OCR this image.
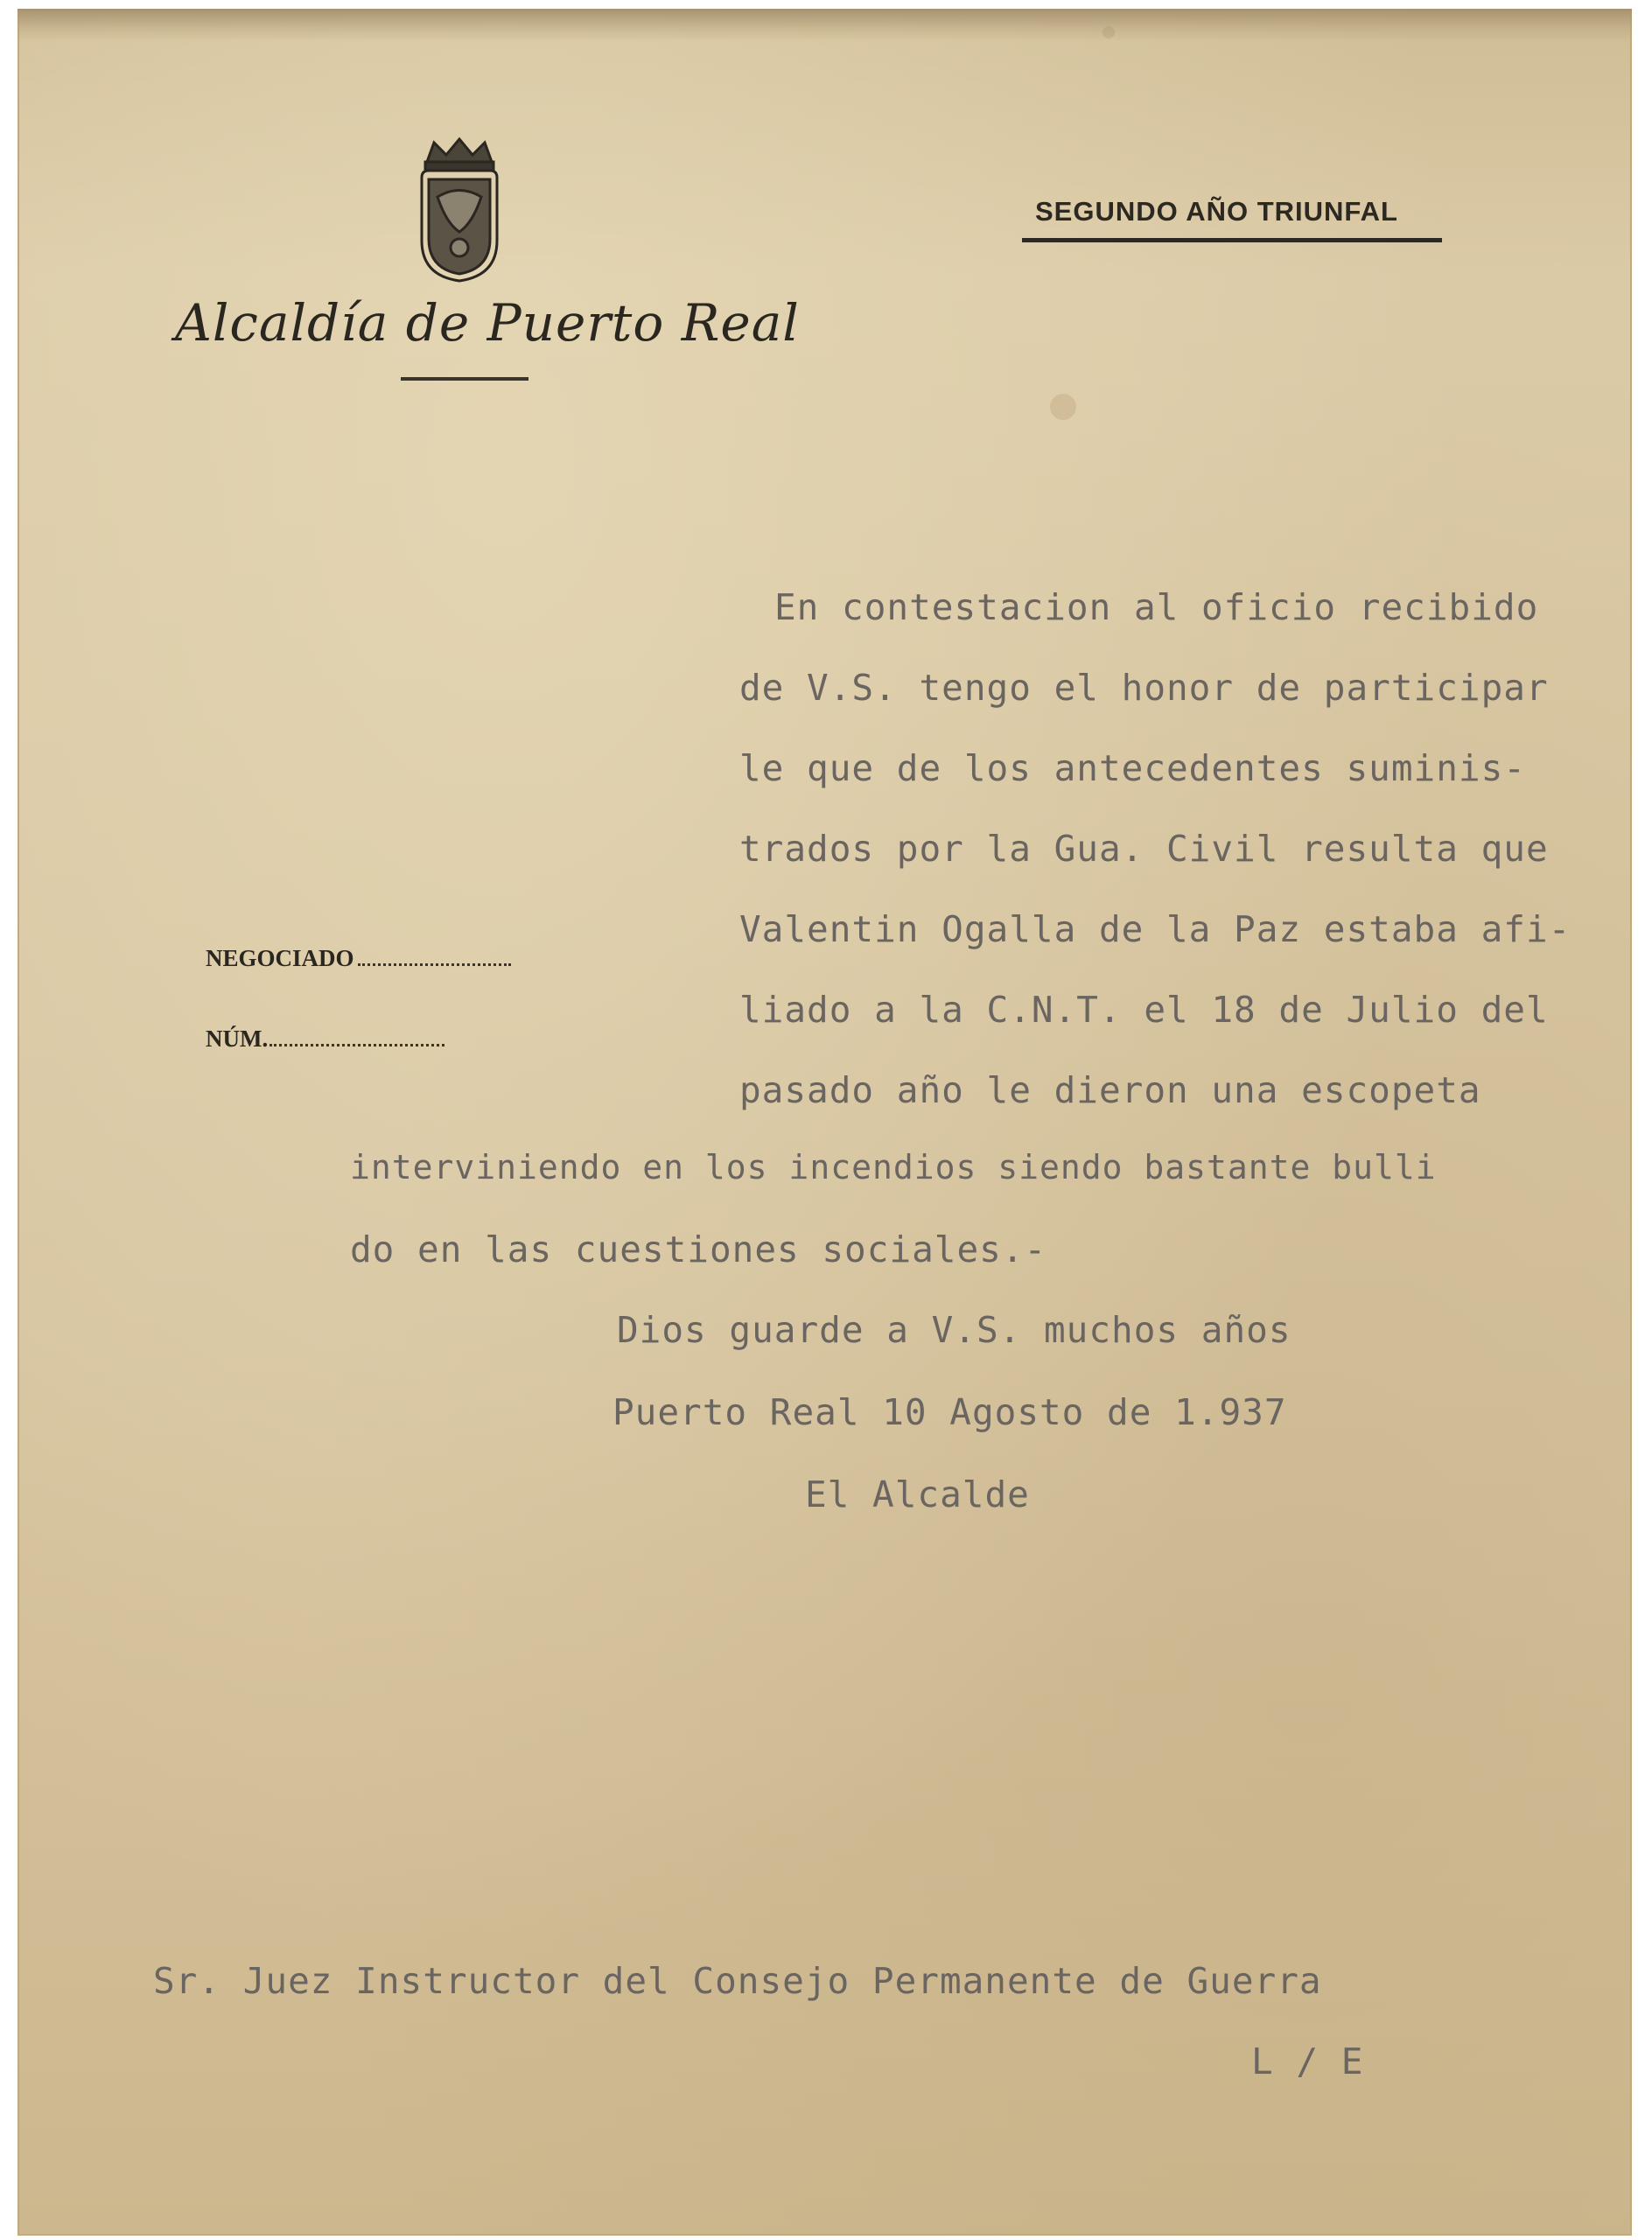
Alcaldía de Puerto Real
SEGUNDO AÑO TRIUNFAL
NEGOCIADO
NÚM.
En contestacion al oficio recibido
de V.S. tengo el honor de participar
le que de los antecedentes suminis-
trados por la Gua. Civil resulta que
Valentin Ogalla de la Paz estaba afi-
liado a la C.N.T. el 18 de Julio del
pasado año le dieron una escopeta
interviniendo en los incendios siendo bastante bulli
do en las cuestiones sociales.-
Dios guarde a V.S. muchos años
Puerto Real 10 Agosto de 1.937
El Alcalde
Sr. Juez Instructor del Consejo Permanente de Guerra
L / E
